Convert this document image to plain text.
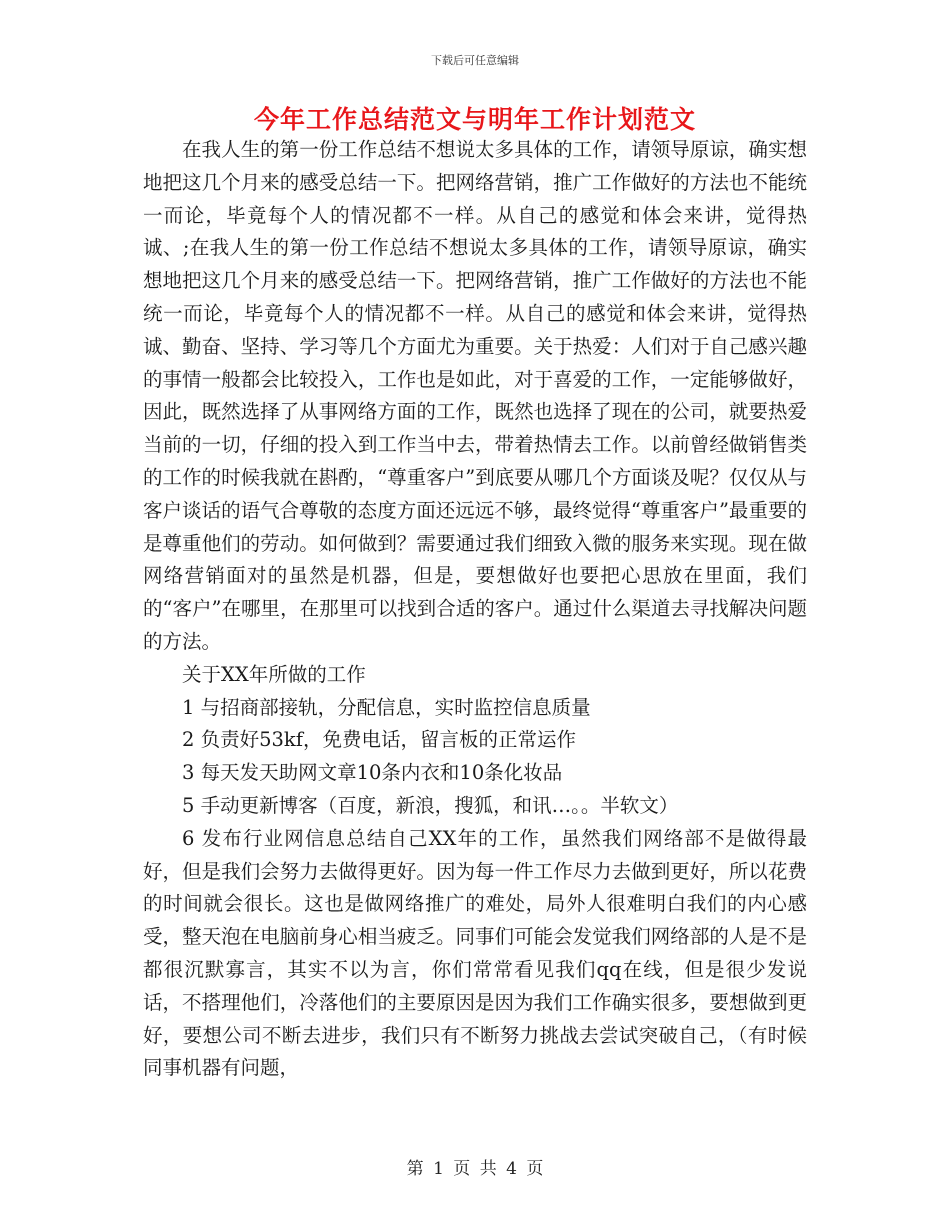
下载后可任意编辑
今年工作总结范文与明年工作计划范文

在我人生的第一份工作总结不想说太多具体的工作，请领导原谅，确实想地把这几个月来的感受总结一下。把网络营销，推广工作做好的方法也不能统一而论，毕竟每个人的情况都不一样。从自己的感觉和体会来讲，觉得热诚、;在我人生的第一份工作总结不想说太多具体的工作，请领导原谅，确实想地把这几个月来的感受总结一下。把网络营销，推广工作做好的方法也不能统一而论，毕竟每个人的情况都不一样。从自己的感觉和体会来讲，觉得热诚、勤奋、坚持、学习等几个方面尤为重要。关于热爱：人们对于自己感兴趣的事情一般都会比较投入，工作也是如此，对于喜爱的工作，一定能够做好，因此，既然选择了从事网络方面的工作，既然也选择了现在的公司，就要热爱当前的一切，仔细的投入到工作当中去，带着热情去工作。以前曾经做销售类的工作的时候我就在斟酌，“尊重客户”到底要从哪几个方面谈及呢？仅仅从与客户谈话的语气合尊敬的态度方面还远远不够，最终觉得“尊重客户”最重要的是尊重他们的劳动。如何做到？需要通过我们细致入微的服务来实现。现在做网络营销面对的虽然是机器，但是，要想做好也要把心思放在里面，我们的“客户”在哪里，在那里可以找到合适的客户。通过什么渠道去寻找解决问题的方法。

关于XX年所做的工作

1 与招商部接轨，分配信息，实时监控信息质量

2 负责好53kf，免费电话，留言板的正常运作

3 每天发天助网文章10条内衣和10条化妆品

5 手动更新博客（百度，新浪，搜狐，和讯…。。半软文）

6 发布行业网信息总结自己XX年的工作，虽然我们网络部不是做得最好，但是我们会努力去做得更好。因为每一件工作尽力去做到更好，所以花费的时间就会很长。这也是做网络推广的难处，局外人很难明白我们的内心感受，整天泡在电脑前身心相当疲乏。同事们可能会发觉我们网络部的人是不是都很沉默寡言，其实不以为言，你们常常看见我们qq在线，但是很少发说话，不搭理他们，冷落他们的主要原因是因为我们工作确实很多，要想做到更好，要想公司不断去进步，我们只有不断努力挑战去尝试突破自己，（有时候同事机器有问题，

第 1 页 共 4 页
